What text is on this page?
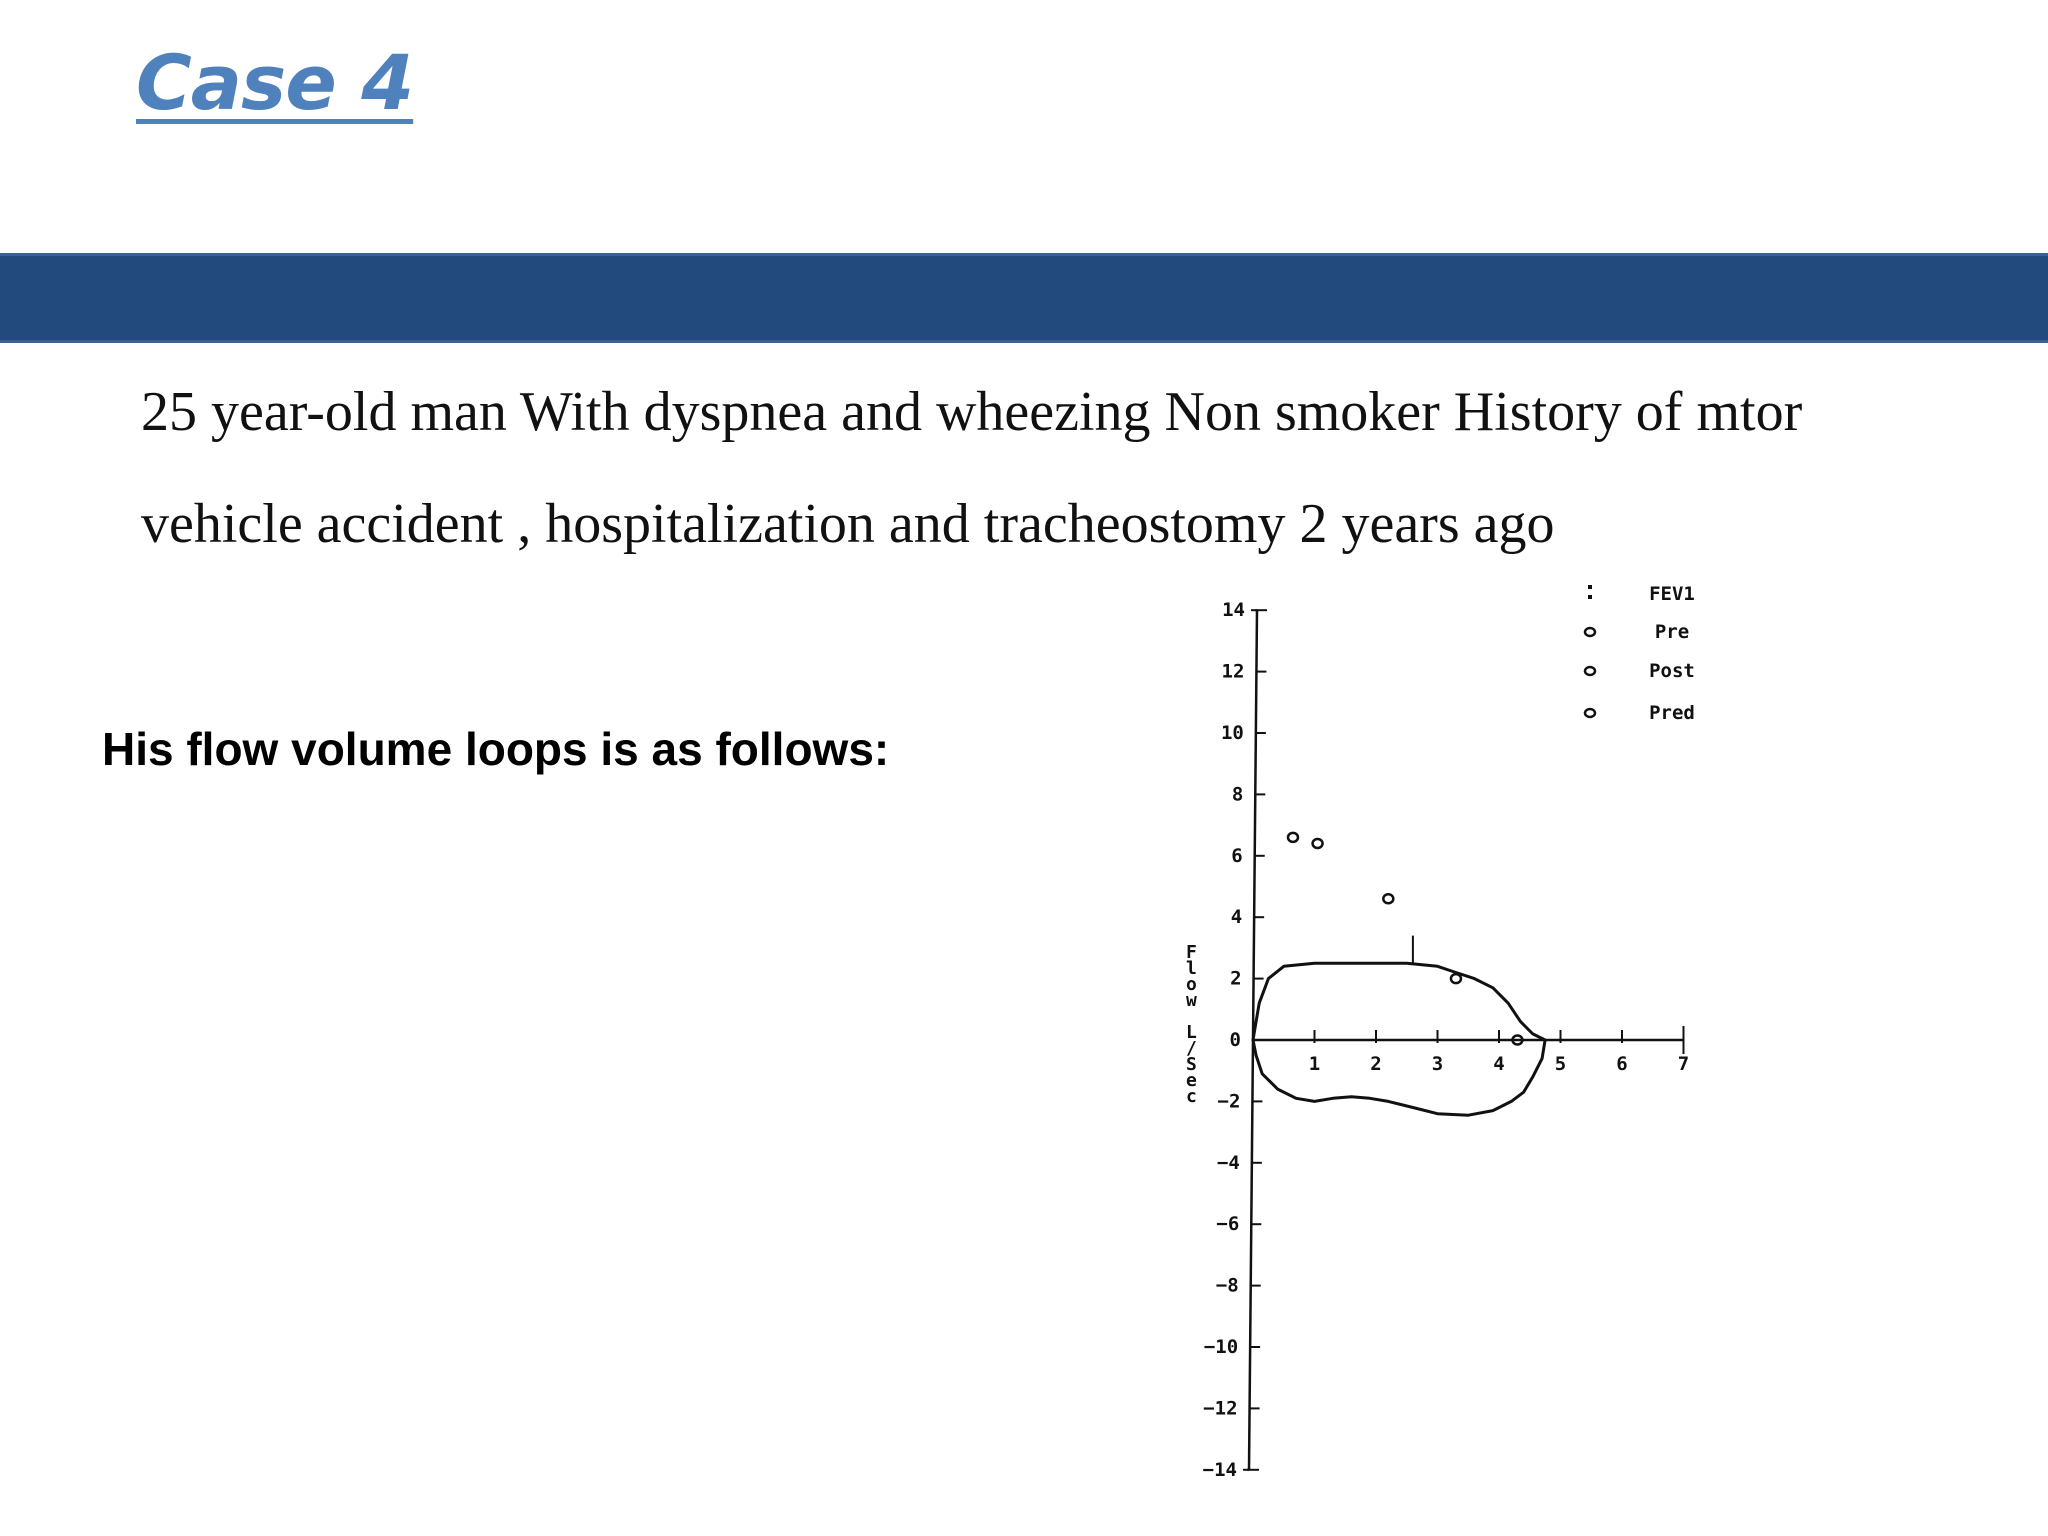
Case 4

25 year-old man With dyspnea and wheezing Non smoker History of mtor
vehicle accident , hospitalization and tracheostomy 2 years ago

His flow volume loops is as follows:

14
12
10
8
6
4
2
0
−2
−4
−6
−8
−10
−12
−14
1	2	3	4	5	6	7
F l o w L / S e c
FEV1
Pre
Post
Pred
